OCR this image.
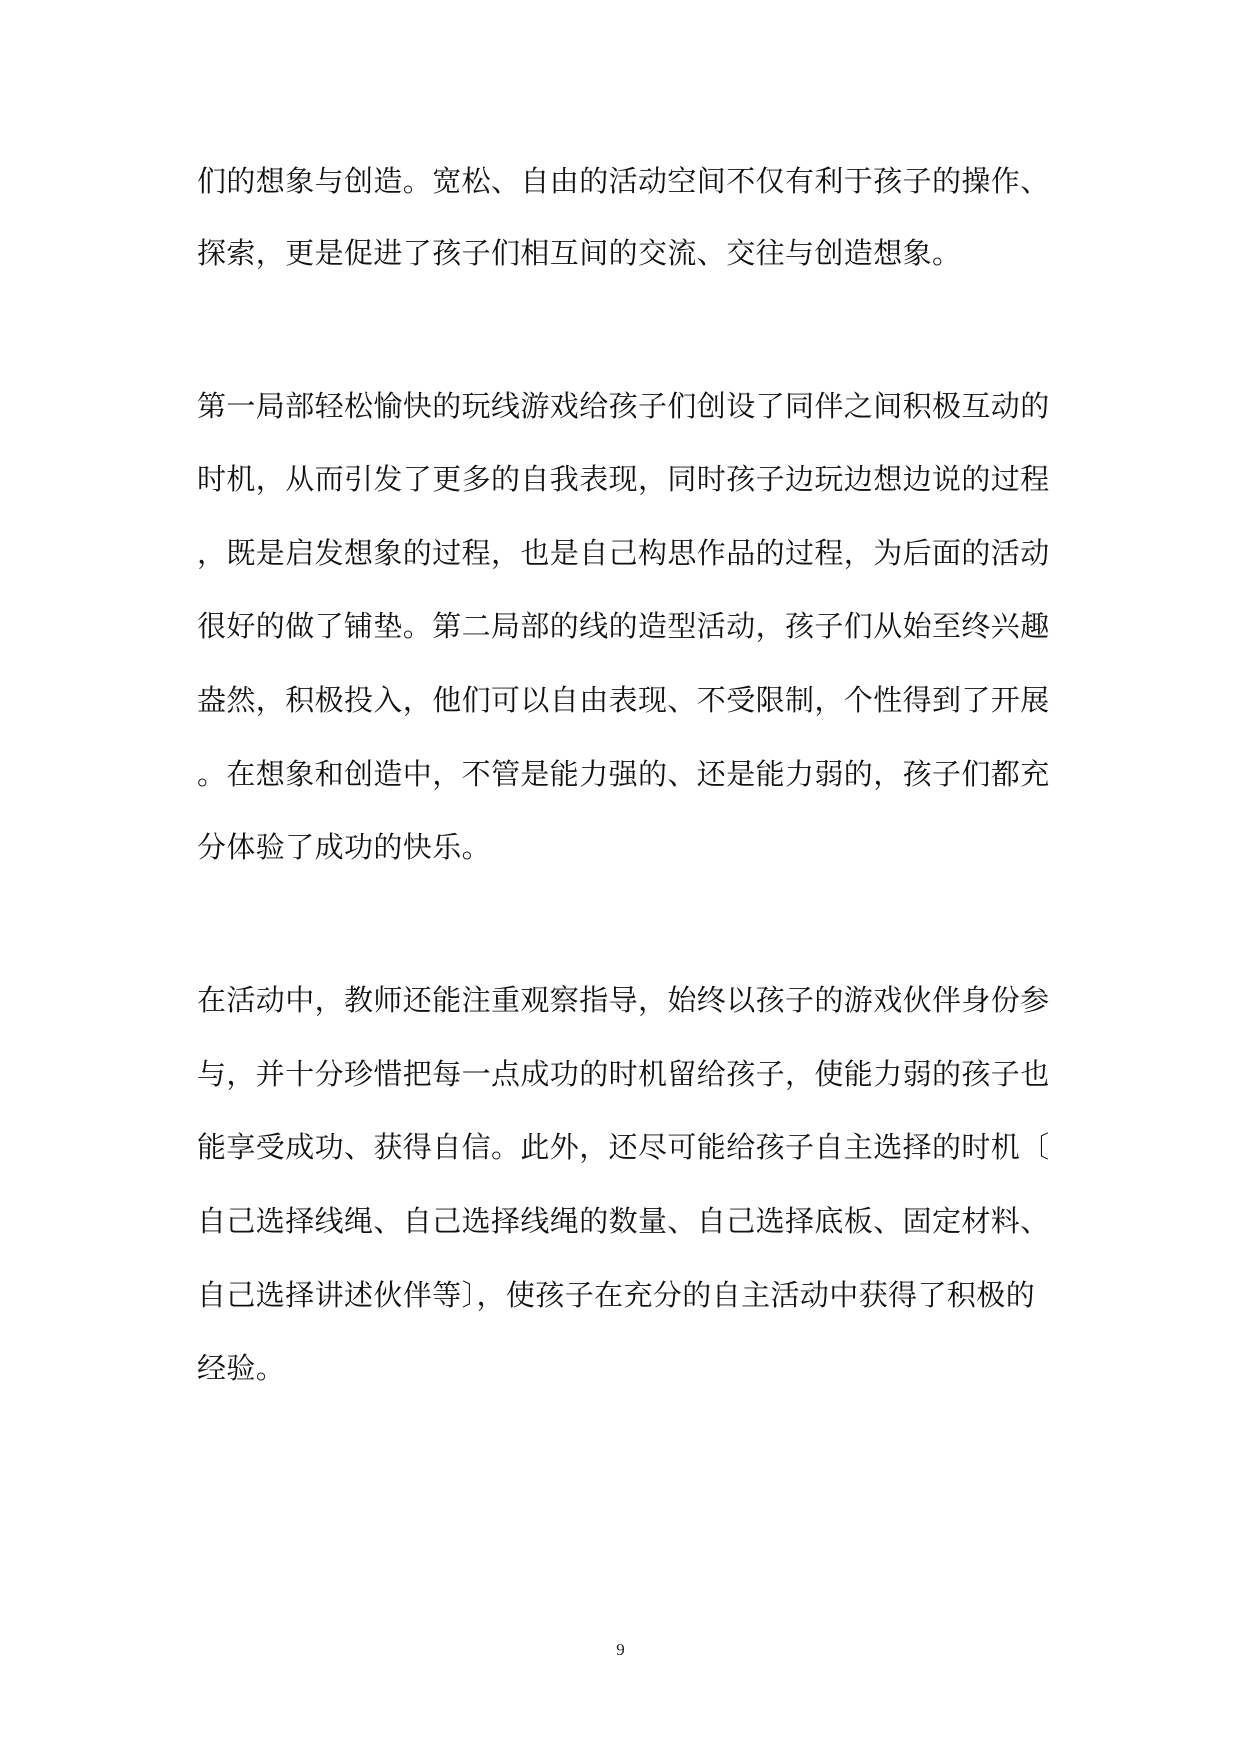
们的想象与创造。宽松、自由的活动空间不仅有利于孩子的操作、
探索，更是促进了孩子们相互间的交流、交往与创造想象。
第一局部轻松愉快的玩线游戏给孩子们创设了同伴之间积极互动的
时机，从而引发了更多的自我表现，同时孩子边玩边想边说的过程
，既是启发想象的过程，也是自己构思作品的过程，为后面的活动
很好的做了铺垫。第二局部的线的造型活动，孩子们从始至终兴趣
盎然，积极投入，他们可以自由表现、不受限制，个性得到了开展
。在想象和创造中，不管是能力强的、还是能力弱的，孩子们都充
分体验了成功的快乐。
在活动中，教师还能注重观察指导，始终以孩子的游戏伙伴身份参
与，并十分珍惜把每一点成功的时机留给孩子，使能力弱的孩子也
能享受成功、获得自信。此外，还尽可能给孩子自主选择的时机〔
自己选择线绳、自己选择线绳的数量、自己选择底板、固定材料、
自己选择讲述伙伴等〕，使孩子在充分的自主活动中获得了积极的
经验。
9
